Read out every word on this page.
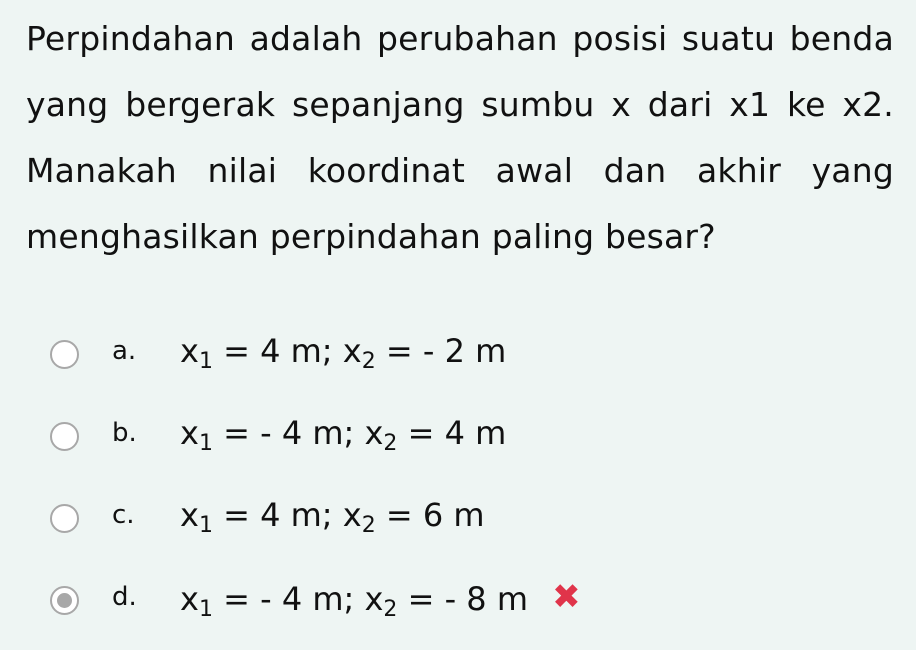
Perpindahan adalah perubahan posisi suatu benda yang bergerak sepanjang sumbu x dari x1 ke x2. Manakah nilai koordinat awal dan akhir yang menghasilkan perpindahan paling besar?
a. $x_1 = 4$ m; $x_2$ = - 2 m
b. $x_1$ = - 4 m; $x_2 = 4$ m
c. $x_1 = 4$ m; $x_2 = 6$ m
d. $x_1$ = - 4 m; $x_2$ = - 8 m ✖
